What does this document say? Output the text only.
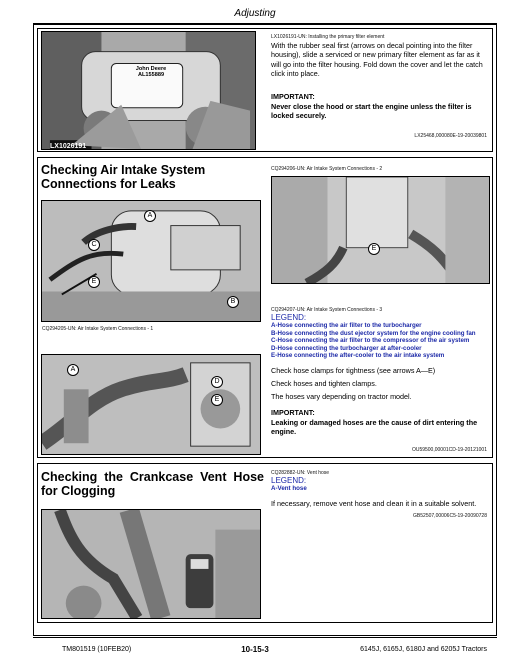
Adjusting
John Deere
AL155889
LX1026191
LX1026191-UN: Installing the primary filter element
With the rubber seal first (arrows on decal pointing into the filter housing), slide a serviced or new primary filter element as far as it will go into the filter housing. Fold down the cover and let the catch click into place.
IMPORTANT:
Never close the hood or start the engine unless the filter is locked securely.
LX25468,000080E-19-20039801
Checking Air Intake System Connections for Leaks
A
C
E
B
CQ294205-UN: Air Intake System Connections - 1
A
D
E
CQ294206-UN: Air Intake System Connections - 2
E
CQ294207-UN: Air Intake System Connections - 3
LEGEND:
A-Hose connecting the air filter to the turbocharger
B-Hose connecting the dust ejector system for the engine cooling fan
C-Hose connecting the air filter to the compressor of the air system
D-Hose connecting the turbocharger at after-cooler
E-Hose connecting the after-cooler to the air intake system
Check hose clamps for tightness (see arrows A—E)
Check hoses and tighten clamps.
The hoses vary depending on tractor model.
IMPORTANT:
Leaking or damaged hoses are the cause of dirt entering the engine.
OU59500,00001CD-19-20121001
Checking the Crankcase Vent Hose for Clogging
CQ282882-UN: Vent hose
LEGEND:
A-Vent hose
If necessary, remove vent hose and clean it in a suitable solvent.
GB52507,00006C5-19-20090728
TM801519 (10FEB20)	10-15-3	6145J, 6165J, 6180J and 6205J Tractors
